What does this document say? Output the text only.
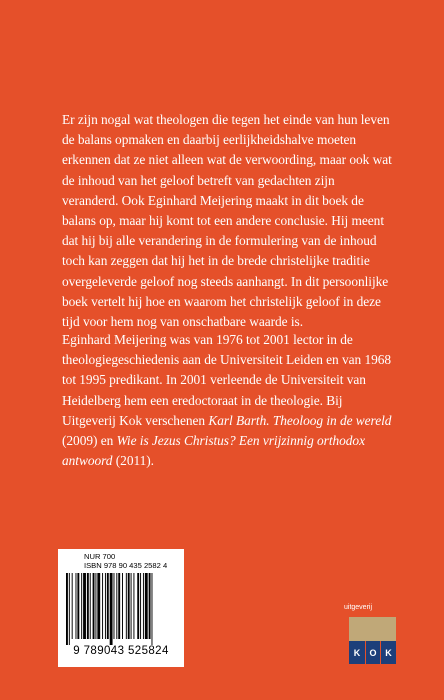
Er zijn nogal wat theologen die tegen het einde van hun leven de balans opmaken en daarbij eerlijkheidshalve moeten erkennen dat ze niet alleen wat de verwoording, maar ook wat de inhoud van het geloof betreft van gedachten zijn veranderd. Ook Eginhard Meijering maakt in dit boek de balans op, maar hij komt tot een andere conclusie. Hij meent dat hij bij alle verandering in de formulering van de inhoud toch kan zeggen dat hij het in de brede christelijke traditie overgeleverde geloof nog steeds aanhangt. In dit persoonlijke boek vertelt hij hoe en waarom het christelijk geloof in deze tijd voor hem nog van onschatbare waarde is.

Eginhard Meijering was van 1976 tot 2001 lector in de theologiegeschiedenis aan de Universiteit Leiden en van 1968 tot 1995 predikant. In 2001 verleende de Universiteit van Heidelberg hem een eredoctoraat in de theologie. Bij Uitgeverij Kok verschenen Karl Barth. Theoloog in de wereld (2009) en Wie is Jezus Christus? Een vrijzinnig orthodox antwoord (2011).

NUR 700
ISBN 978 90 435 2582 4
9 789043 525824
uitgeverij
K	O K
